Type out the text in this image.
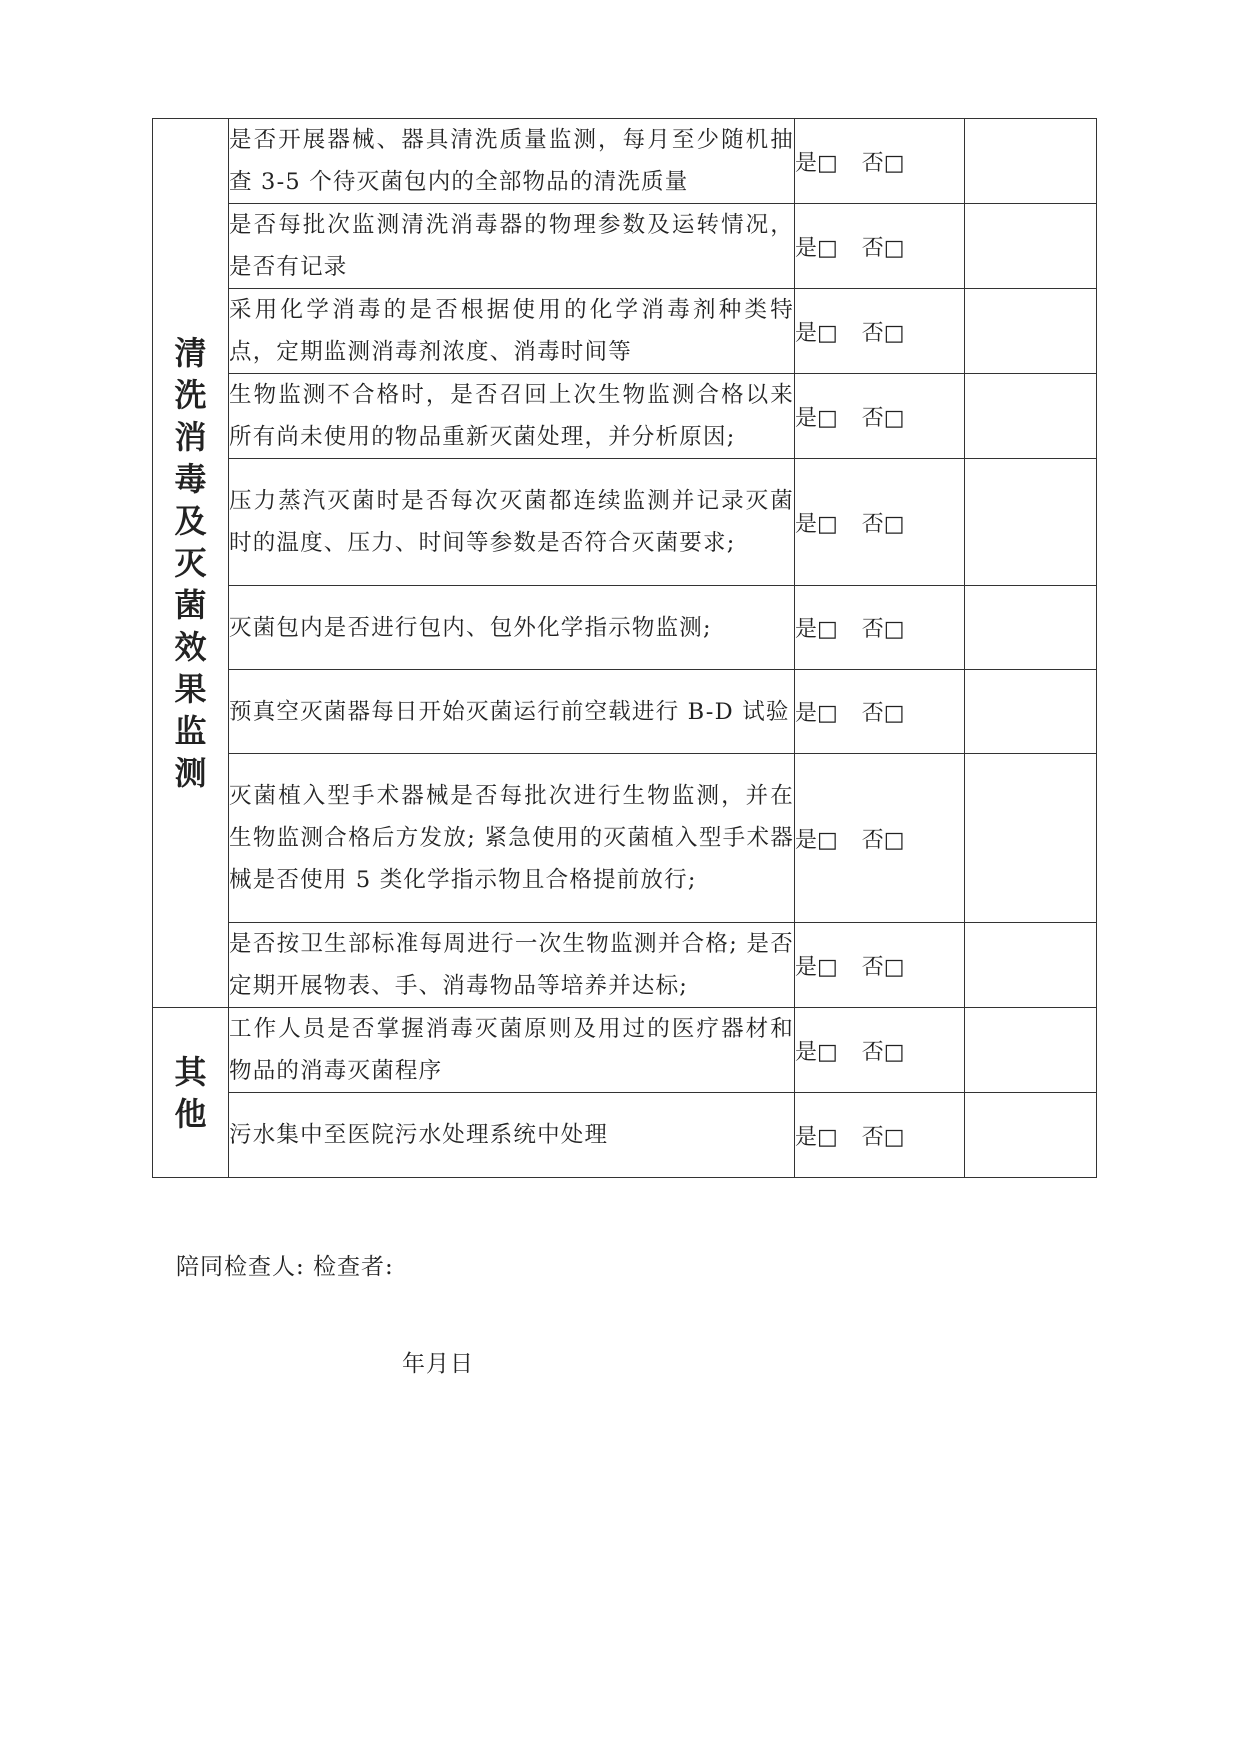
清洗消毒及灭菌效果监测	是否开展器械、器具清洗质量监测，每月至少随机抽查 3-5 个待灭菌包内的全部物品的清洗质量	是□ 否□	
	是否每批次监测清洗消毒器的物理参数及运转情况，是否有记录	是□ 否□	
	采用化学消毒的是否根据使用的化学消毒剂种类特点，定期监测消毒剂浓度、消毒时间等	是□ 否□	
	生物监测不合格时，是否召回上次生物监测合格以来所有尚未使用的物品重新灭菌处理，并分析原因;	是□ 否□	
	压力蒸汽灭菌时是否每次灭菌都连续监测并记录灭菌时的温度、压力、时间等参数是否符合灭菌要求;	是□ 否□	
	灭菌包内是否进行包内、包外化学指示物监测;	是□ 否□	
	预真空灭菌器每日开始灭菌运行前空载进行 B-D 试验	是□ 否□	
	灭菌植入型手术器械是否每批次进行生物监测，并在生物监测合格后方发放; 紧急使用的灭菌植入型手术器械是否使用 5 类化学指示物且合格提前放行;	是□ 否□	
	是否按卫生部标准每周进行一次生物监测并合格; 是否定期开展物表、手、消毒物品等培养并达标;	是□ 否□	
其他	工作人员是否掌握消毒灭菌原则及用过的医疗器材和物品的消毒灭菌程序	是□ 否□	
	污水集中至医院污水处理系统中处理	是□ 否□	
陪同检查人: 检查者:
年月日
